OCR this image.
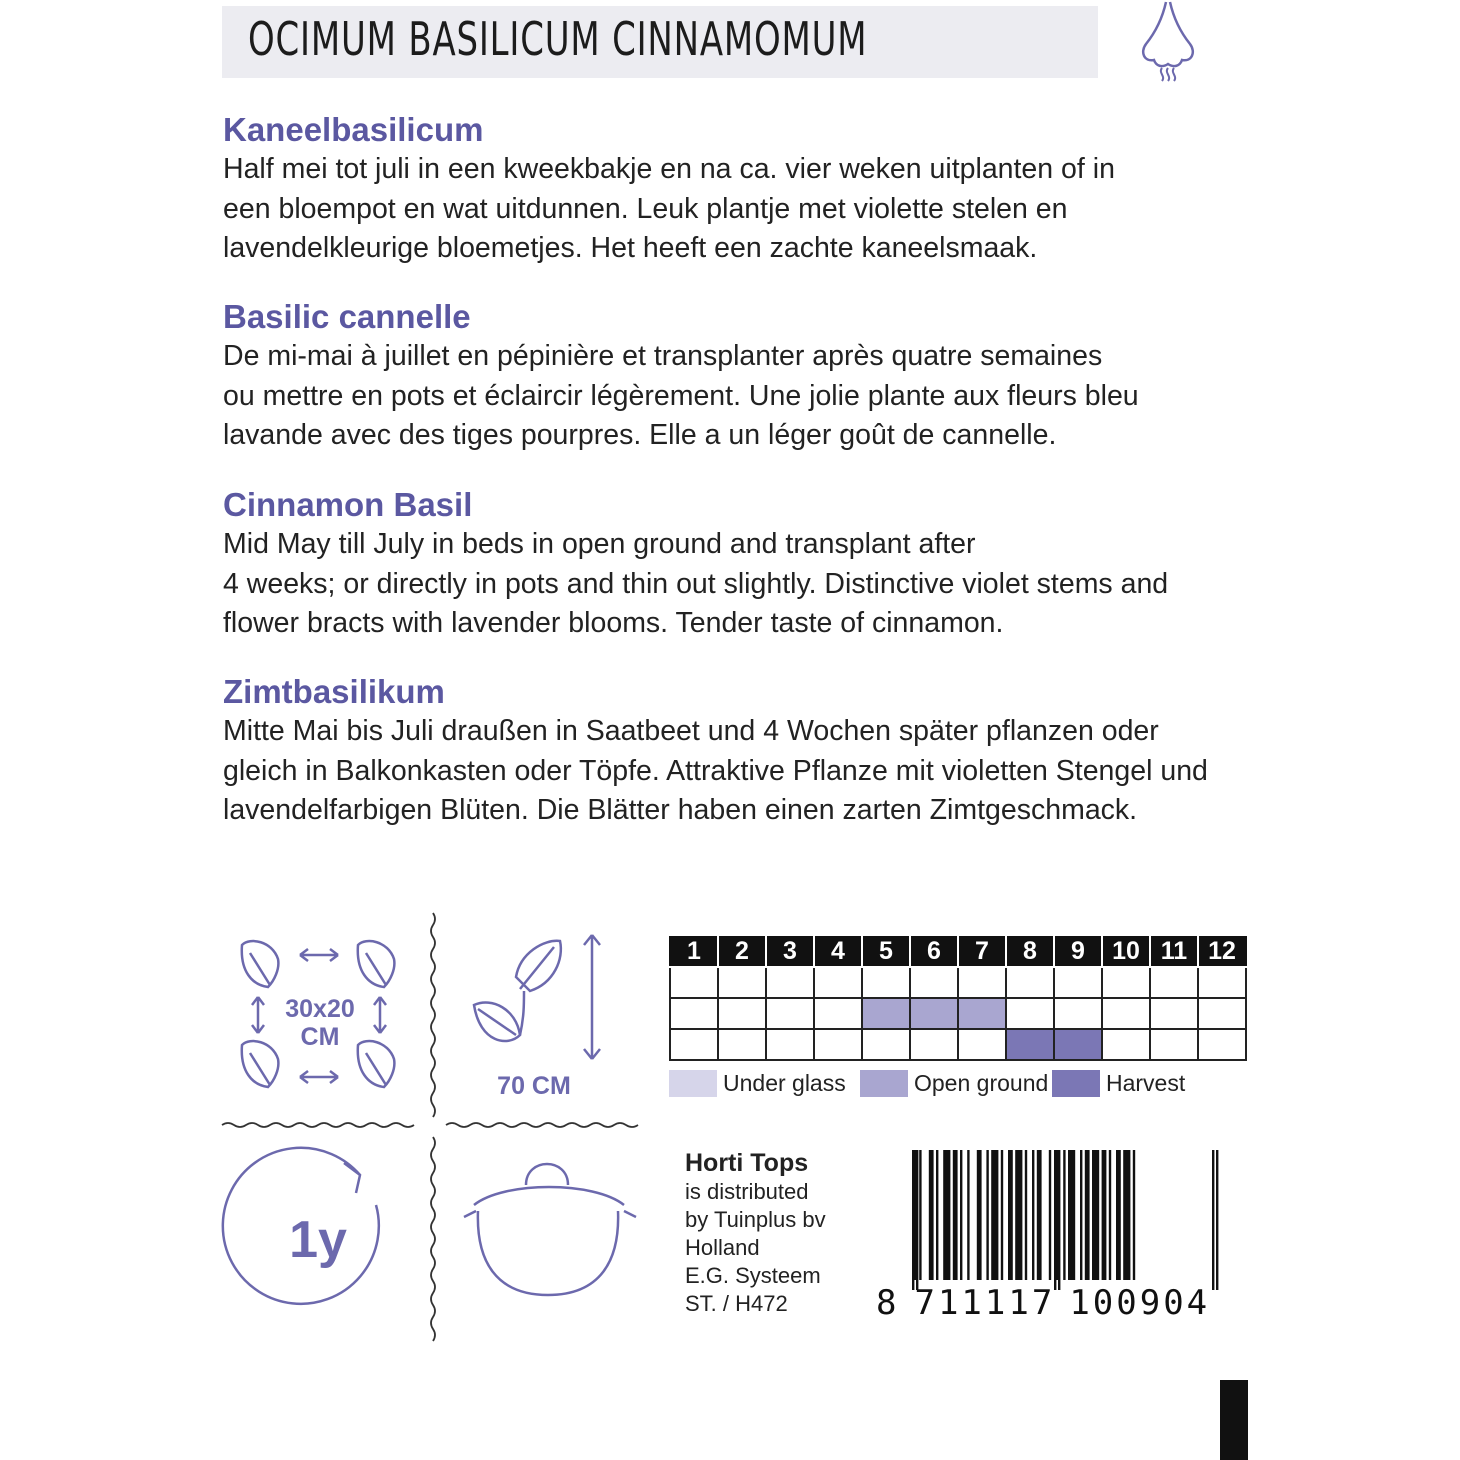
OCIMUM BASILICUM CINNAMOMUM
Kaneelbasilicum

Half mei tot juli in een kweekbakje en na ca. vier weken uitplanten of in
een bloempot en wat uitdunnen. Leuk plantje met violette stelen en
lavendelkleurige bloemetjes. Het heeft een zachte kaneelsmaak.

Basilic cannelle

De mi-mai à juillet en pépinière et transplanter après quatre semaines
ou mettre en pots et éclaircir légèrement. Une jolie plante aux fleurs bleu
lavande avec des tiges pourpres. Elle a un léger goût de cannelle.

Cinnamon Basil

Mid May till July in beds in open ground and transplant after
4 weeks; or directly in pots and thin out slightly. Distinctive violet stems and
flower bracts with lavender blooms. Tender taste of cinnamon.

Zimtbasilikum

Mitte Mai bis Juli draußen in Saatbeet und 4 Wochen später pflanzen oder
gleich in Balkonkasten oder Töpfe. Attraktive Pflanze mit violetten Stengel und
lavendelfarbigen Blüten. Die Blätter haben einen zarten Zimtgeschmack.

30x20
CM
70 CM
1y
1	2	3	4	5	6	7	8	9	10	11	12

Under glass	Open ground	Harvest
Horti Tops
is distributed
by Tuinplus bv
Holland
E.G. Systeem
ST. / H472	8 711117 100904
